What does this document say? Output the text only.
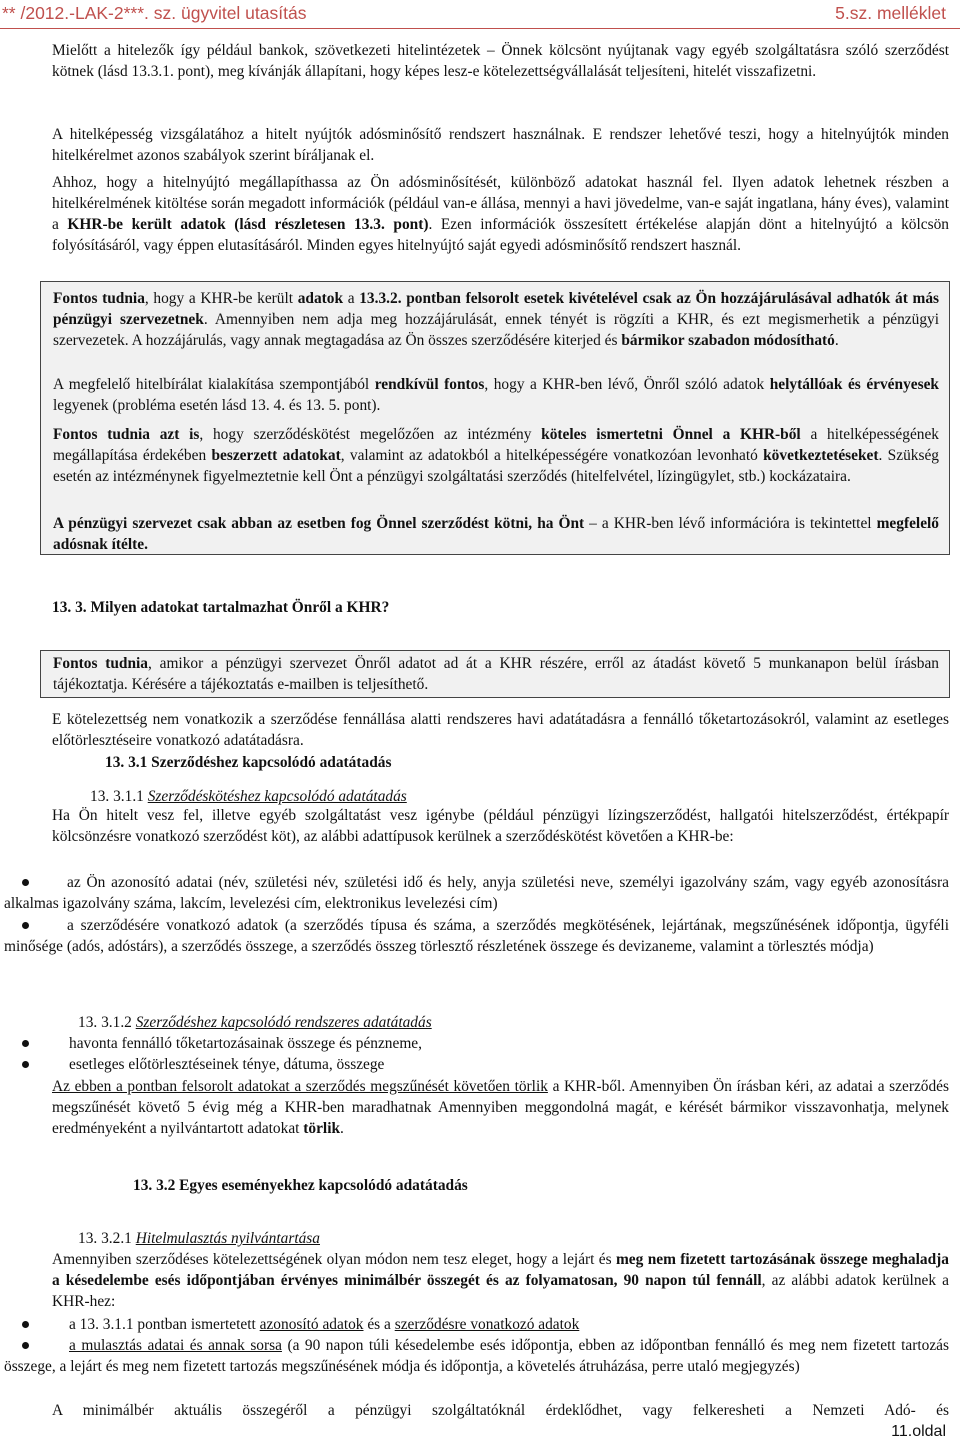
** /2012.-LAK-2***. sz. ügyvitel utasítás	5.sz. melléklet

Mielőtt a hitelezők így például bankok, szövetkezeti hitelintézetek – Önnek kölcsönt nyújtanak vagy egyéb szolgáltatásra szóló szerződést kötnek (lásd 13.3.1. pont), meg kívánják állapítani, hogy képes lesz-e kötelezettségvállalását teljesíteni, hitelét visszafizetni.

A hitelképesség vizsgálatához a hitelt nyújtók adósminősítő rendszert használnak. E rendszer lehetővé teszi, hogy a hitelnyújtók minden hitelkérelmet azonos szabályok szerint bíráljanak el.

Ahhoz, hogy a hitelnyújtó megállapíthassa az Ön adósminősítését, különböző adatokat használ fel. Ilyen adatok lehetnek részben a hitelkérelmének kitöltése során megadott információk (például van-e állása, mennyi a havi jövedelme, van-e saját ingatlana, hány éves), valamint a KHR-be került adatok (lásd részletesen 13.3. pont). Ezen információk összesített értékelése alapján dönt a hitelnyújtó a kölcsön folyósításáról, vagy éppen elutasításáról. Minden egyes hitelnyújtó saját egyedi adósminősítő rendszert használ.

Fontos tudnia, hogy a KHR-be került adatok a 13.3.2. pontban felsorolt esetek kivételével csak az Ön hozzájárulásával adhatók át más pénzügyi szervezetnek. Amennyiben nem adja meg hozzájárulását, ennek tényét is rögzíti a KHR, és ezt megismerhetik a pénzügyi szervezetek. A hozzájárulás, vagy annak megtagadása az Ön összes szerződésére kiterjed és bármikor szabadon módosítható.

A megfelelő hitelbírálat kialakítása szempontjából rendkívül fontos, hogy a KHR-ben lévő, Önről szóló adatok helytállóak és érvényesek legyenek (probléma esetén lásd 13. 4. és 13. 5. pont).

Fontos tudnia azt is, hogy szerződéskötést megelőzően az intézmény köteles ismertetni Önnel a KHR-ből a hitelképességének megállapítása érdekében beszerzett adatokat, valamint az adatokból a hitelképességére vonatkozóan levonható következtetéseket. Szükség esetén az intézménynek figyelmeztetnie kell Önt a pénzügyi szolgáltatási szerződés (hitelfelvétel, lízingügylet, stb.) kockázataira.

A pénzügyi szervezet csak abban az esetben fog Önnel szerződést kötni, ha Önt – a KHR-ben lévő információra is tekintettel megfelelő adósnak ítélte.

13. 3. Milyen adatokat tartalmazhat Önről a KHR?

Fontos tudnia, amikor a pénzügyi szervezet Önről adatot ad át a KHR részére, erről az átadást követő 5 munkanapon belül írásban tájékoztatja. Kérésére a tájékoztatás e-mailben is teljesíthető.

E kötelezettség nem vonatkozik a szerződése fennállása alatti rendszeres havi adatátadásra a fennálló tőketartozásokról, valamint az esetleges előtörlesztéseire vonatkozó adatátadásra.

13. 3.1 Szerződéshez kapcsolódó adatátadás

13. 3.1.1 Szerződéskötéshez kapcsolódó adatátadás

Ha Ön hitelt vesz fel, illetve egyéb szolgáltatást vesz igénybe (például pénzügyi lízingszerződést, hallgatói hitelszerződést, értékpapír kölcsönzésre vonatkozó szerződést köt), az alábbi adattípusok kerülnek a szerződéskötést követően a KHR-be:

az Ön azonosító adatai (név, születési név, születési idő és hely, anyja születési neve, személyi igazolvány szám, vagy egyéb azonosításra alkalmas igazolvány száma, lakcím, levelezési cím, elektronikus levelezési cím)

a szerződésére vonatkozó adatok (a szerződés típusa és száma, a szerződés megkötésének, lejártának, megszűnésének időpontja, ügyféli minősége (adós, adóstárs), a szerződés összege, a szerződés összeg törlesztő részletének összege és devizaneme, valamint a törlesztés módja)

13. 3.1.2 Szerződéshez kapcsolódó rendszeres adatátadás

havonta fennálló tőketartozásainak összege és pénzneme,

esetleges előtörlesztéseinek ténye, dátuma, összege

Az ebben a pontban felsorolt adatokat a szerződés megszűnését követően törlik a KHR-ből. Amennyiben Ön írásban kéri, az adatai a szerződés megszűnését követő 5 évig még a KHR-ben maradhatnak Amennyiben meggondolná magát, e kérését bármikor visszavonhatja, melynek eredményeként a nyilvántartott adatokat törlik.

13. 3.2 Egyes eseményekhez kapcsolódó adatátadás

13. 3.2.1 Hitelmulasztás nyilvántartása

Amennyiben szerződéses kötelezettségének olyan módon nem tesz eleget, hogy a lejárt és meg nem fizetett tartozásának összege meghaladja a késedelembe esés időpontjában érvényes minimálbér összegét és az folyamatosan, 90 napon túl fennáll, az alábbi adatok kerülnek a KHR-hez:

a 13. 3.1.1 pontban ismertetett azonosító adatok és a szerződésre vonatkozó adatok

a mulasztás adatai és annak sorsa (a 90 napon túli késedelembe esés időpontja, ebben az időpontban fennálló és meg nem fizetett tartozás összege, a lejárt és meg nem fizetett tartozás megszűnésének módja és időpontja, a követelés átruházása, perre utaló megjegyzés)

A minimálbér aktuális összegéről a pénzügyi szolgáltatóknál érdeklődhet, vagy felkeresheti a Nemzeti Adó- és

11.oldal
